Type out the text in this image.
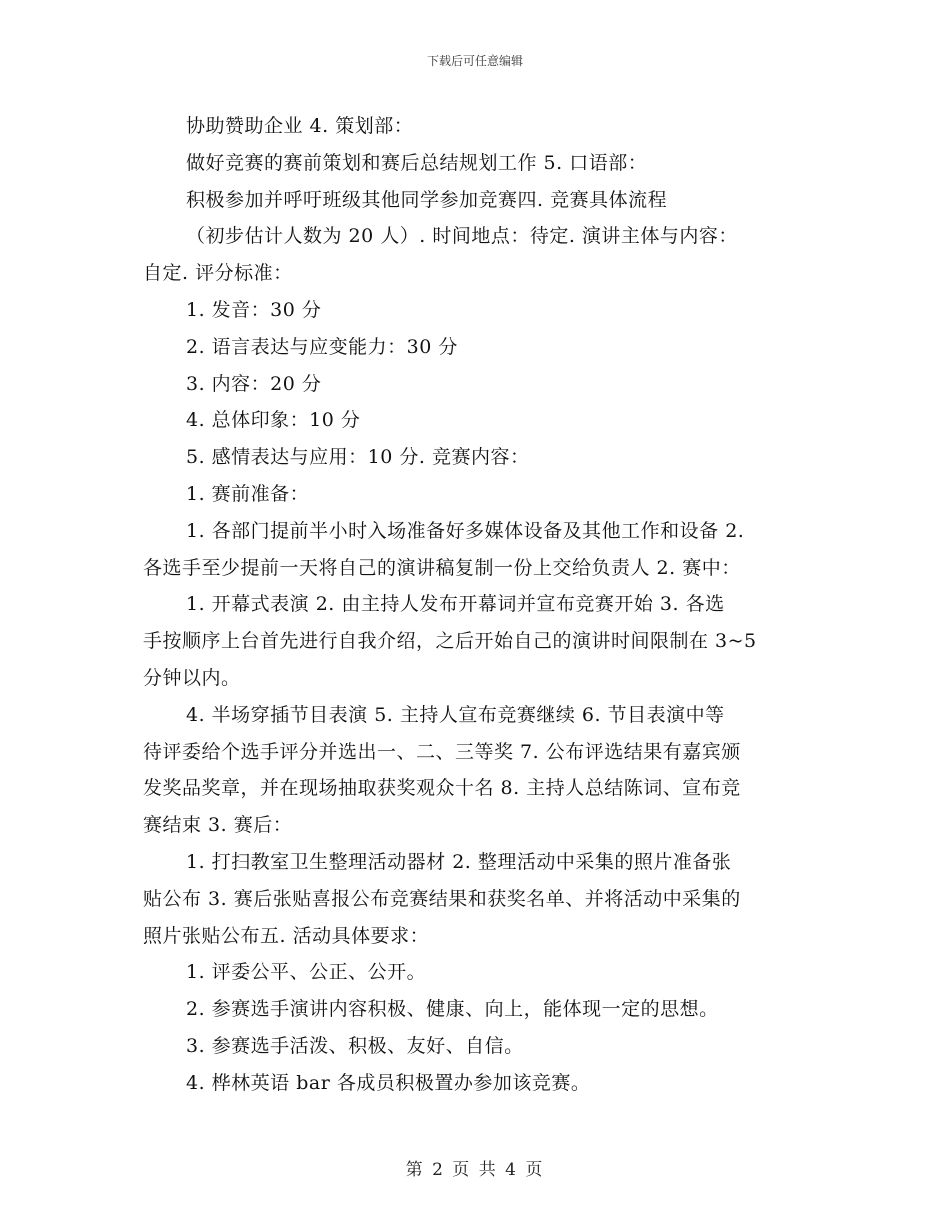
下载后可任意编辑
协助赞助企业 4. 策划部：
做好竞赛的赛前策划和赛后总结规划工作 5. 口语部：
积极参加并呼吁班级其他同学参加竞赛四. 竞赛具体流程
（初步估计人数为 20 人）. 时间地点：待定. 演讲主体与内容：
自定. 评分标准：
1. 发音：30 分
2. 语言表达与应变能力：30 分
3. 内容：20 分
4. 总体印象：10 分
5. 感情表达与应用：10 分. 竞赛内容：
1. 赛前准备：
1. 各部门提前半小时入场准备好多媒体设备及其他工作和设备 2.
各选手至少提前一天将自己的演讲稿复制一份上交给负责人 2. 赛中：
1. 开幕式表演 2. 由主持人发布开幕词并宣布竞赛开始 3. 各选
手按顺序上台首先进行自我介绍，之后开始自己的演讲时间限制在 3~5
分钟以内。
4. 半场穿插节目表演 5. 主持人宣布竞赛继续 6. 节目表演中等
待评委给个选手评分并选出一、二、三等奖 7. 公布评选结果有嘉宾颁
发奖品奖章，并在现场抽取获奖观众十名 8. 主持人总结陈词、宣布竞
赛结束 3. 赛后：
1. 打扫教室卫生整理活动器材 2. 整理活动中采集的照片准备张
贴公布 3. 赛后张贴喜报公布竞赛结果和获奖名单、并将活动中采集的
照片张贴公布五. 活动具体要求：
1. 评委公平、公正、公开。
2. 参赛选手演讲内容积极、健康、向上，能体现一定的思想。
3. 参赛选手活泼、积极、友好、自信。
4. 桦林英语 bar 各成员积极置办参加该竞赛。
第 2 页 共 4 页
